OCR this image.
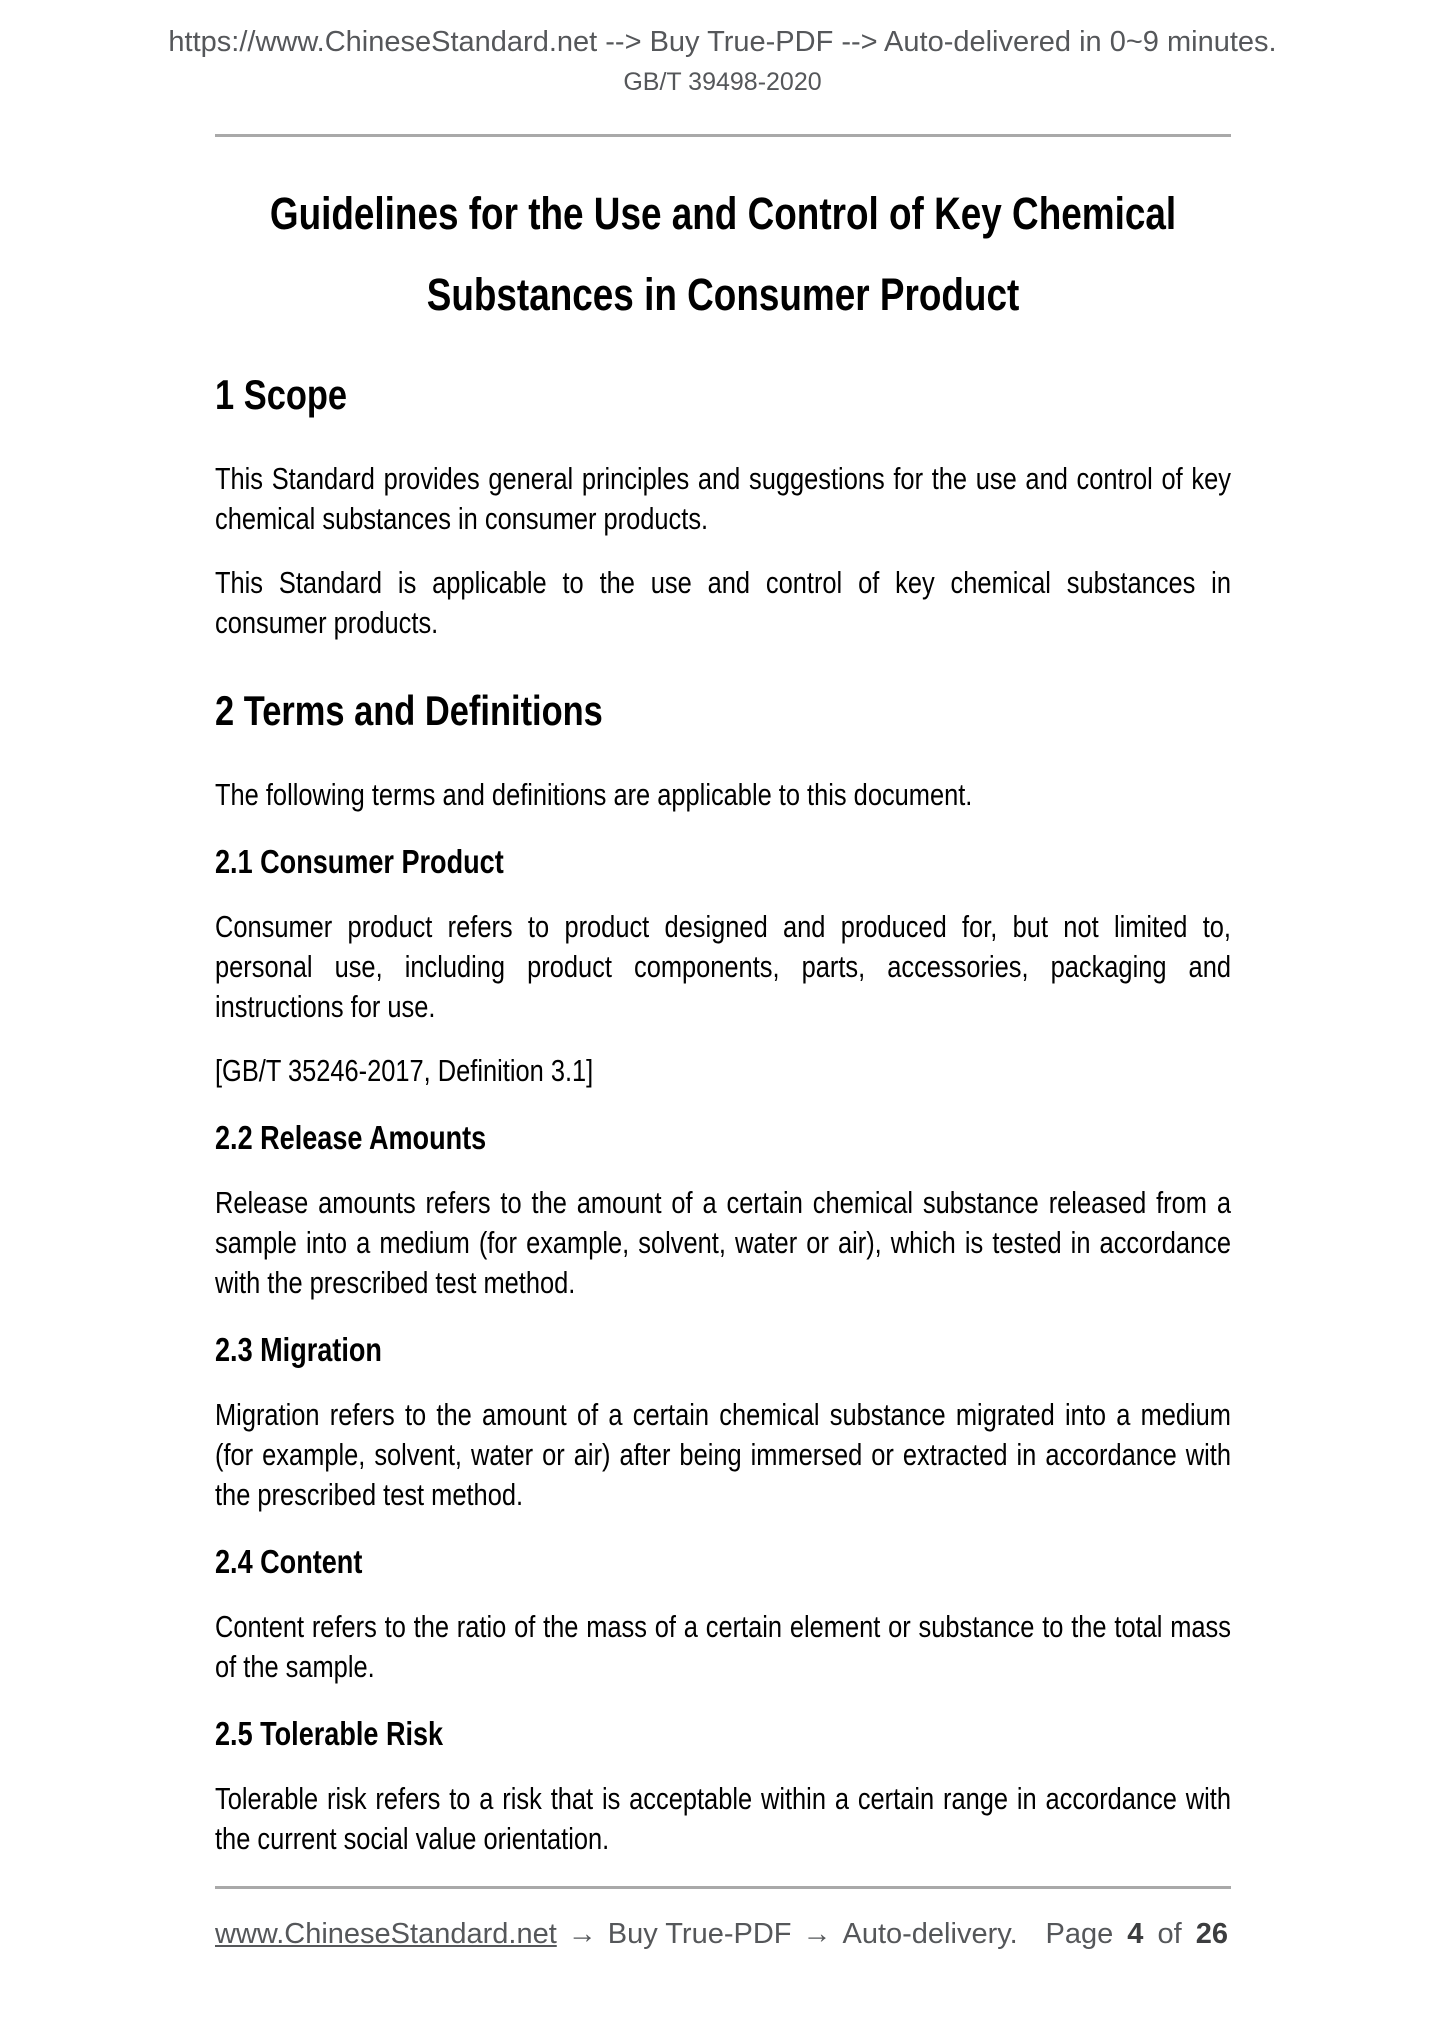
https://www.ChineseStandard.net --> Buy True-PDF --> Auto-delivered in 0~9 minutes.
GB/T 39498-2020
Guidelines for the Use and Control of Key Chemical
Substances in Consumer Product
1 Scope

This Standard provides general principles and suggestions for the use and control of key chemical substances in consumer products.

This Standard is applicable to the use and control of key chemical substances in consumer products.

2 Terms and Definitions

The following terms and definitions are applicable to this document.

2.1 Consumer Product

Consumer product refers to product designed and produced for, but not limited to, personal use, including product components, parts, accessories, packaging and instructions for use.

[GB/T 35246-2017, Definition 3.1]

2.2 Release Amounts

Release amounts refers to the amount of a certain chemical substance released from a sample into a medium (for example, solvent, water or air), which is tested in accordance with the prescribed test method.

2.3 Migration

Migration refers to the amount of a certain chemical substance migrated into a medium (for example, solvent, water or air) after being immersed or extracted in accordance with the prescribed test method.

2.4 Content

Content refers to the ratio of the mass of a certain element or substance to the total mass of the sample.

2.5 Tolerable Risk

Tolerable risk refers to a risk that is acceptable within a certain range in accordance with the current social value orientation.

www.ChineseStandard.net → Buy True-PDF → Auto-delivery. Page 4 of 26
